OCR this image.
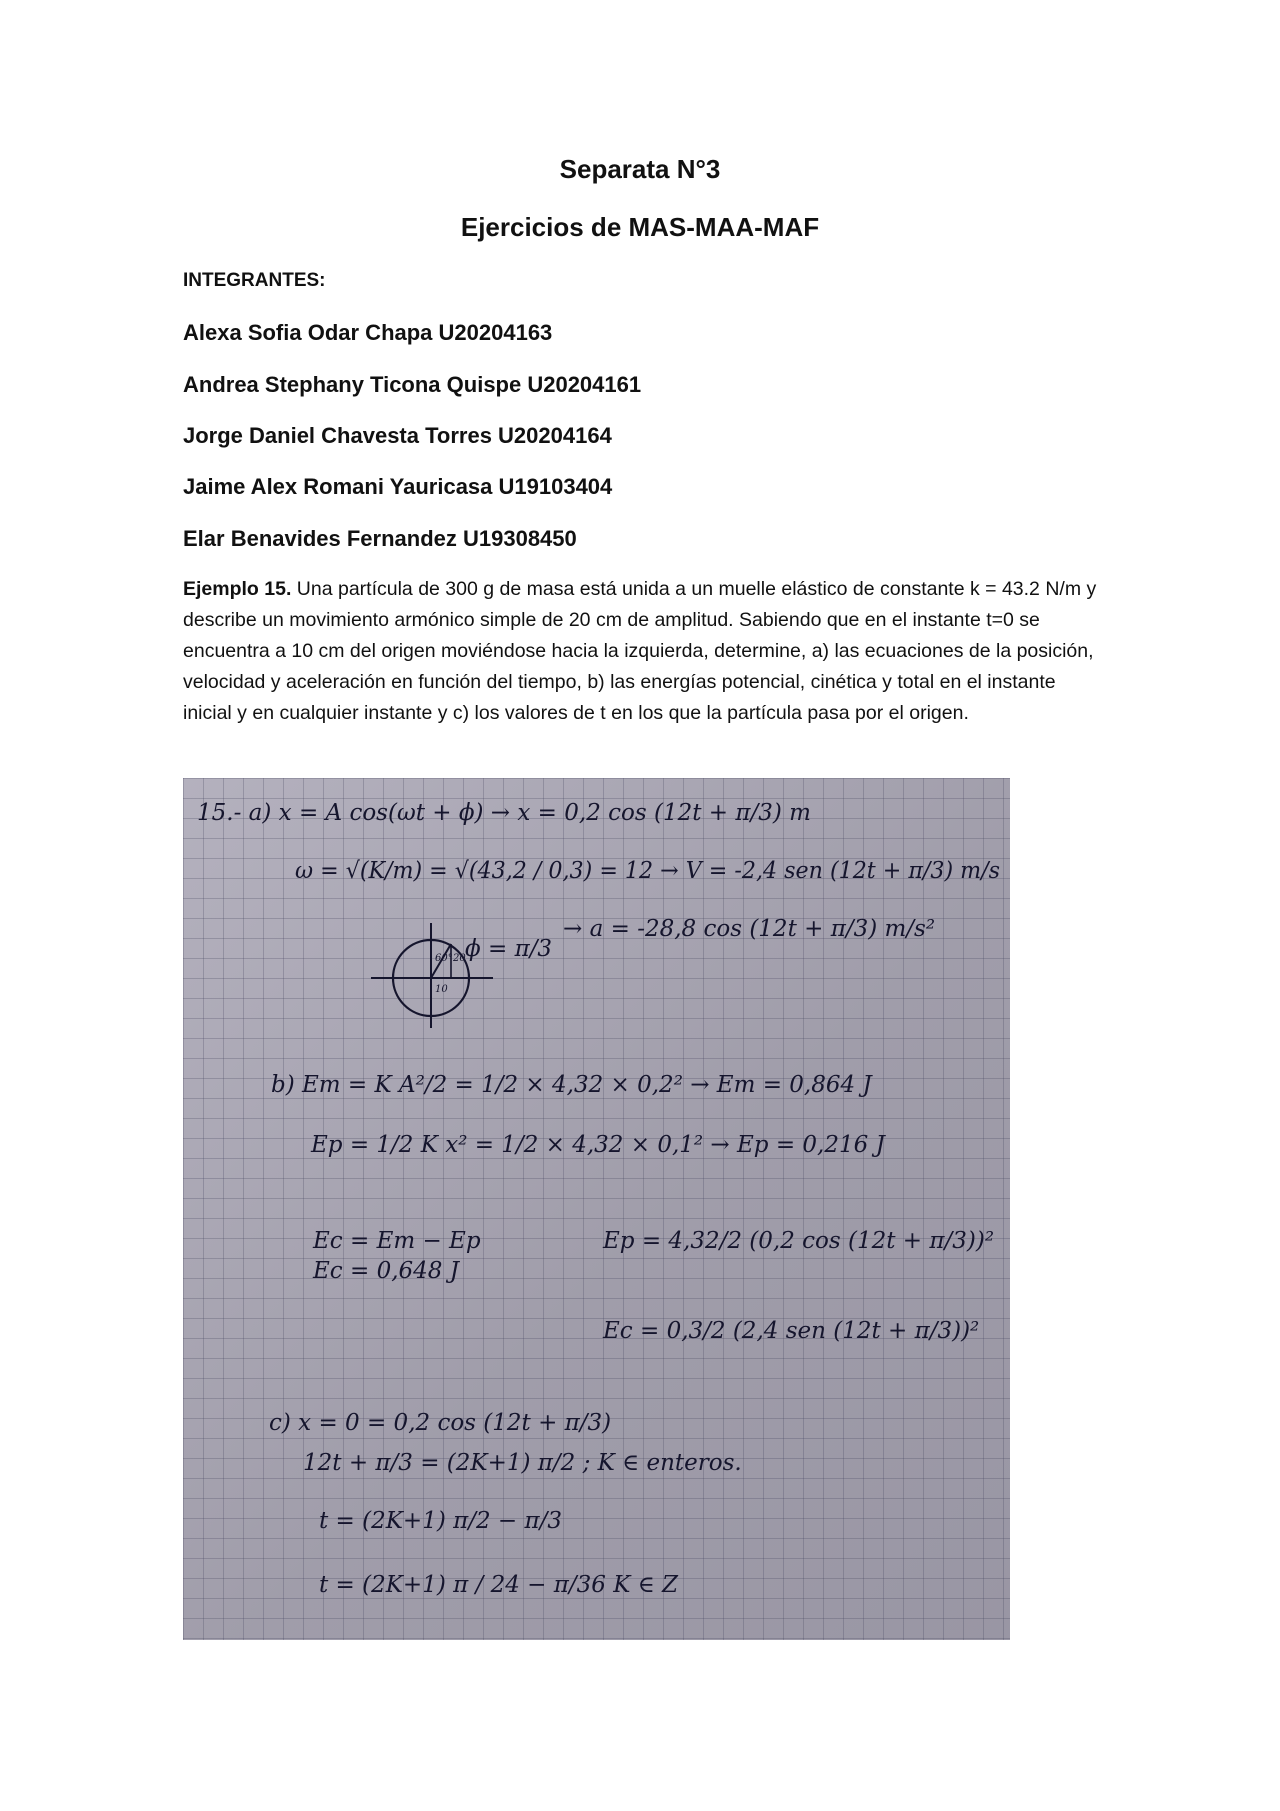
Separata N°3
Ejercicios de MAS-MAA-MAF
INTEGRANTES:
Alexa Sofia Odar Chapa U20204163
Andrea Stephany Ticona Quispe U20204161
Jorge Daniel Chavesta Torres U20204164
Jaime Alex Romani Yauricasa U19103404
Elar Benavides Fernandez U19308450
Ejemplo 15. Una partícula de 300 g de masa está unida a un muelle elástico de constante k = 43.2 N/m y describe un movimiento armónico simple de 20 cm de amplitud. Sabiendo que en el instante t=0 se encuentra a 10 cm del origen moviéndose hacia la izquierda, determine, a) las ecuaciones de la posición, velocidad y aceleración en función del tiempo, b) las energías potencial, cinética y total en el instante inicial y en cualquier instante y c) los valores de t en los que la partícula pasa por el origen.
15.- a) x = A cos(ωt + ϕ) → x = 0,2 cos (12t + π/3) m
ω = √(K/m) = √(43,2 / 0,3) = 12 → V = -2,4 sen (12t + π/3) m/s
→ a = -28,8 cos (12t + π/3) m/s²
60°
10
20 ϕ = π/3
b) Em = K A²/2 = 1/2 × 4,32 × 0,2² → Em = 0,864 J
Ep = 1/2 K x² = 1/2 × 4,32 × 0,1² → Ep = 0,216 J
Ec = Em − Ep
Ec = 0,648 J
Ep = 4,32/2 (0,2 cos (12t + π/3))²
Ec = 0,3/2 (2,4 sen (12t + π/3))²
c) x = 0 = 0,2 cos (12t + π/3)
12t + π/3 = (2K+1) π/2 ; K ∈ enteros.
t = (2K+1) π/2 − π/3
t = (2K+1) π / 24 − π/36 K ∈ Z
